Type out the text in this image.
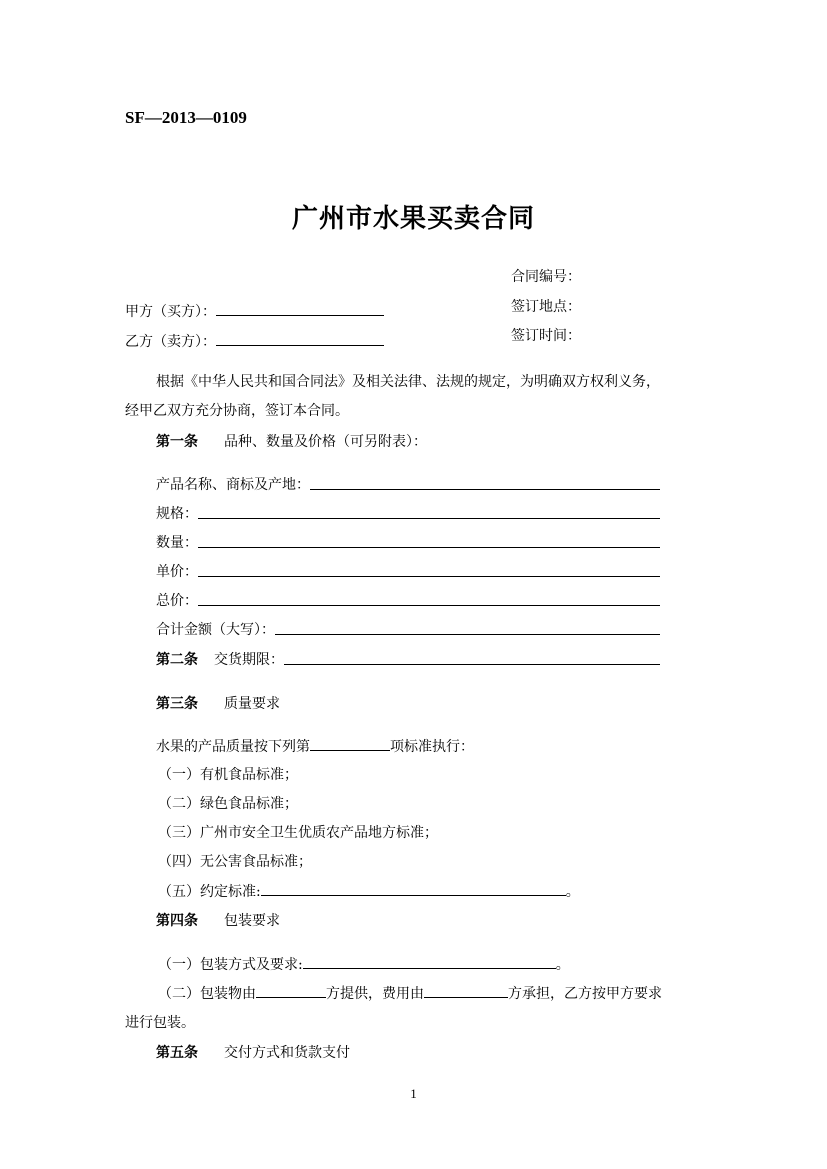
SF—2013—0109
广州市水果买卖合同
合同编号：
签订地点：
签订时间：
甲方（买方）：
乙方（卖方）：
根据《中华人民共和国合同法》及相关法律、法规的规定，为明确双方权利义务，
经甲乙双方充分协商，签订本合同。
第一条 品种、数量及价格（可另附表）：
产品名称、商标及产地：
规格：
数量：
单价：
总价：
合计金额（大写）：
第二条 交货期限：
第三条 质量要求
水果的产品质量按下列第	项标准执行：
（一）有机食品标准；
（二）绿色食品标准；
（三）广州市安全卫生优质农产品地方标准；
（四）无公害食品标准；
（五）约定标准:	。
第四条 包装要求
（一）包装方式及要求:	。
（二）包装物由	方提供，费用由	方承担，乙方按甲方要求
进行包装。
第五条 交付方式和货款支付
1
